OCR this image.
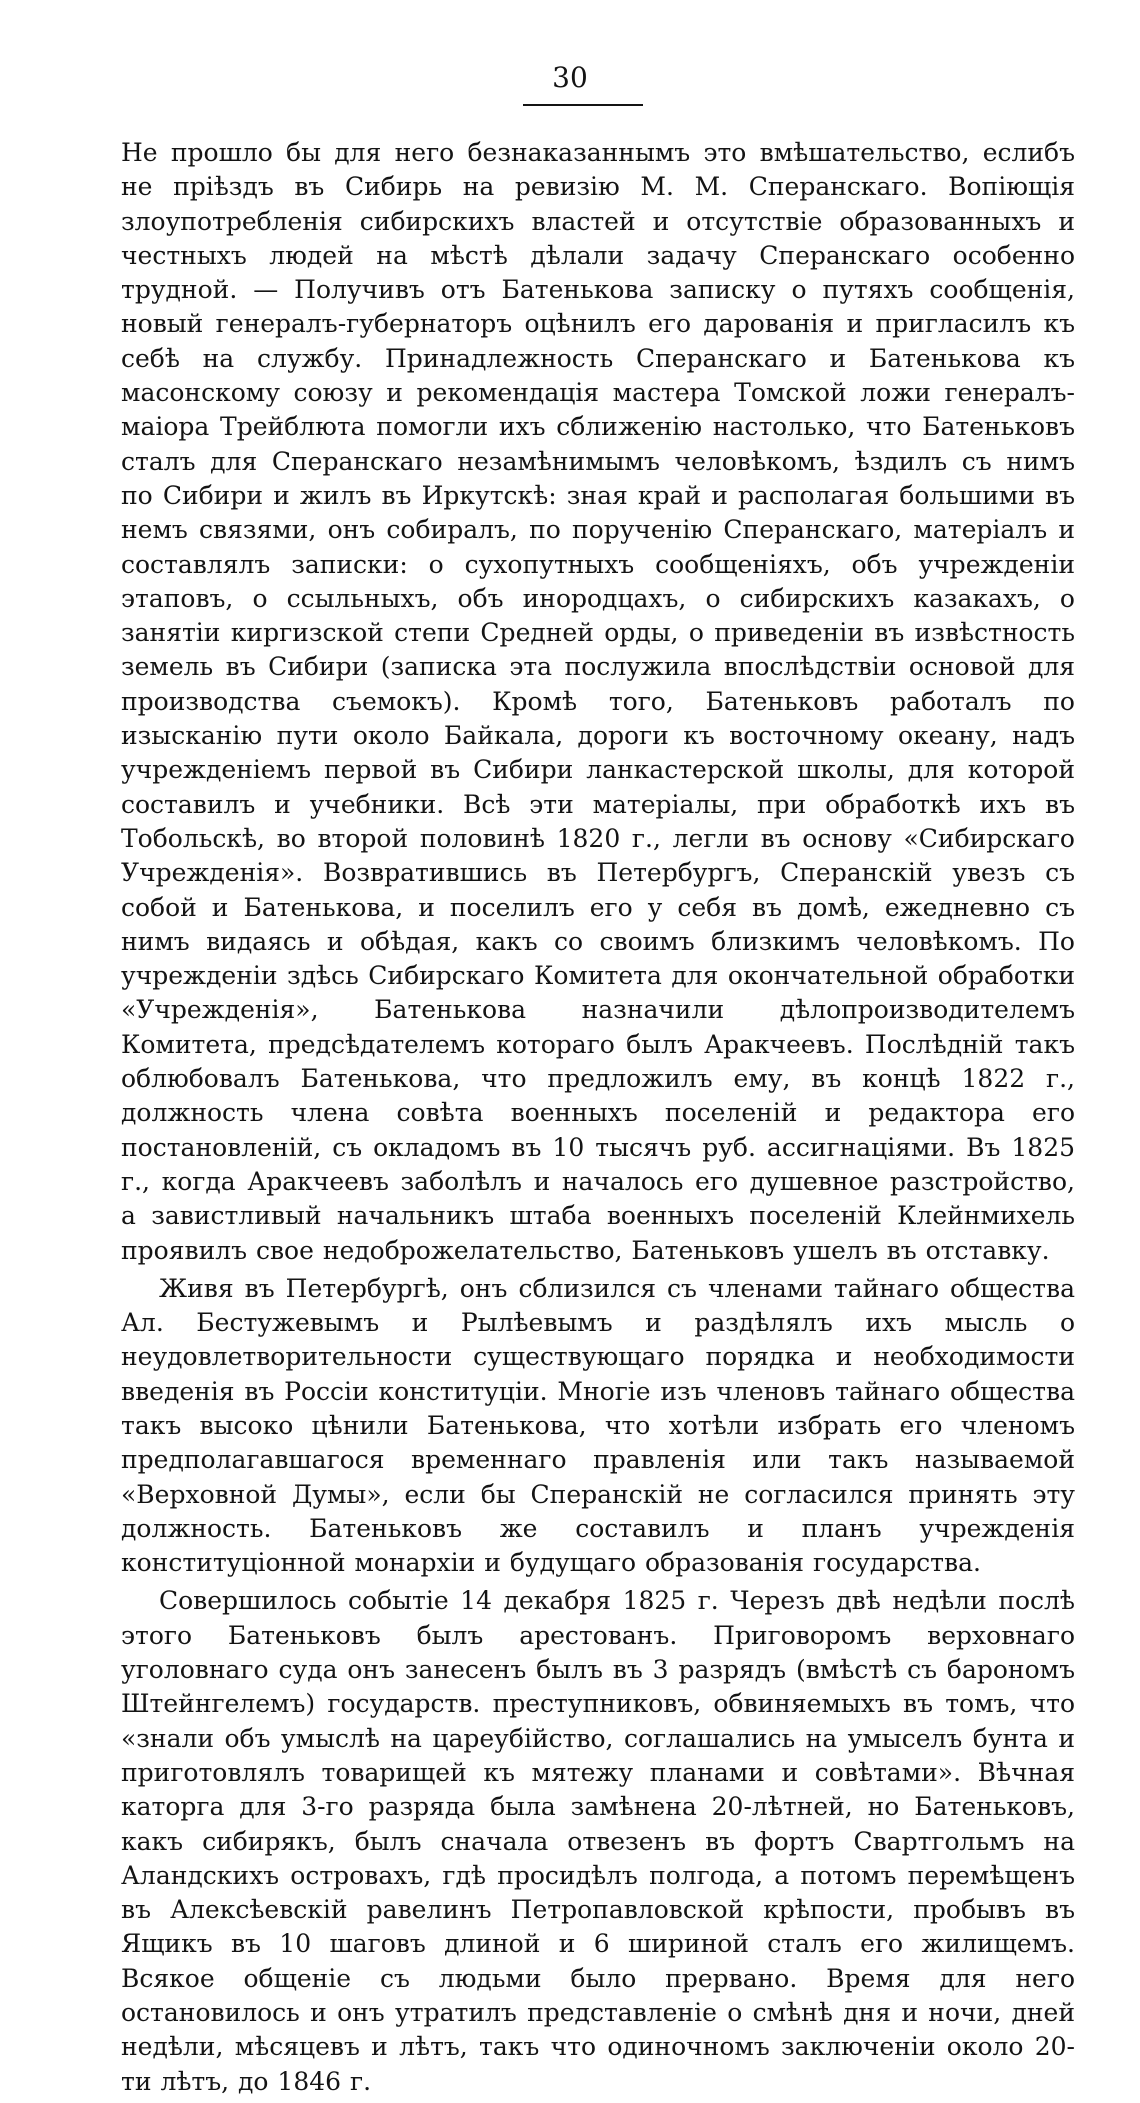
30

Не прошло бы для него безнаказаннымъ это вмѣшательство, еслибъ не пріѣздъ въ Сибирь на ревизію М. М. Сперанскаго. Вопіющія злоупотребленія сибирскихъ властей и отсутствіе образованныхъ и честныхъ людей на мѣстѣ дѣлали задачу Сперанскаго особенно трудной. — Получивъ отъ Батенькова записку о путяхъ сообщенія, новый генералъ-губернаторъ оцѣнилъ его дарованія и пригласилъ къ себѣ на службу. Принадлежность Сперанскаго и Батенькова къ масонскому союзу и рекомендація мастера Томской ложи генералъ-маіора Трейблюта помогли ихъ сближенію настолько, что Батеньковъ сталъ для Сперанскаго незамѣнимымъ человѣкомъ, ѣздилъ съ нимъ по Сибири и жилъ въ Иркутскѣ: зная край и располагая большими въ немъ связями, онъ собиралъ, по порученію Сперанскаго, матеріалъ и составлялъ записки: о сухопутныхъ сообщеніяхъ, объ учрежденіи этаповъ, о ссыльныхъ, объ инородцахъ, о сибирскихъ казакахъ, о занятіи киргизской степи Средней орды, о приведеніи въ извѣстность земель въ Сибири (записка эта послужила впослѣдствіи основой для производства съемокъ). Кромѣ того, Батеньковъ работалъ по изысканію пути около Байкала, дороги къ восточному океану, надъ учрежденіемъ первой въ Сибири ланкастерской школы, для которой составилъ и учебники. Всѣ эти матеріалы, при обработкѣ ихъ въ Тобольскѣ, во второй половинѣ 1820 г., легли въ основу «Сибирскаго Учрежденія». Возвратившись въ Петербургъ, Сперанскій увезъ съ собой и Батенькова, и поселилъ его у себя въ домѣ, ежедневно съ нимъ видаясь и обѣдая, какъ со своимъ близкимъ человѣкомъ. По учрежденіи здѣсь Сибирскаго Комитета для окончательной обработки «Учрежденія», Батенькова назначили дѣлопроизводителемъ Комитета, предсѣдателемъ котораго былъ Аракчеевъ. Послѣдній такъ облюбовалъ Батенькова, что предложилъ ему, въ концѣ 1822 г., должность члена совѣта военныхъ поселеній и редактора его постановленій, съ окладомъ въ 10 тысячъ руб. ассигнаціями. Въ 1825 г., когда Аракчеевъ заболѣлъ и началось его душевное разстройство, а завистливый начальникъ штаба военныхъ поселеній Клейнмихель проявилъ свое недоброжелательство, Батеньковъ ушелъ въ отставку.

Живя въ Петербургѣ, онъ сблизился съ членами тайнаго общества Ал. Бестужевымъ и Рылѣевымъ и раздѣлялъ ихъ мысль о неудовлетворительности существующаго порядка и необходимости введенія въ Россіи конституціи. Многіе изъ членовъ тайнаго общества такъ высоко цѣнили Батенькова, что хотѣли избрать его членомъ предполагавшагося временнаго правленія или такъ называемой «Верховной Думы», если бы Сперанскій не согласился принять эту должность. Батеньковъ же составилъ и планъ учрежденія конституціонной монархіи и будущаго образованія государства.

Совершилось событіе 14 декабря 1825 г. Черезъ двѣ недѣли послѣ этого Батеньковъ былъ арестованъ. Приговоромъ верховнаго уголовнаго суда онъ занесенъ былъ въ 3 разрядъ (вмѣстѣ съ барономъ Штейнгелемъ) государств. преступниковъ, обвиняемыхъ въ томъ, что «знали объ умыслѣ на цареубійство, соглашались на умыселъ бунта и приготовлялъ товарищей къ мятежу планами и совѣтами». Вѣчная каторга для 3-го разряда была замѣнена 20-лѣтней, но Батеньковъ, какъ сибирякъ, былъ сначала отвезенъ въ фортъ Свартгольмъ на Аландскихъ островахъ, гдѣ просидѣлъ полгода, а потомъ перемѣщенъ въ Алексѣевскій равелинъ Петропавловской крѣпости, пробывъ въ Ящикъ въ 10 шаговъ длиной и 6 шириной сталъ его жилищемъ. Всякое общеніе съ людьми было прервано. Время для него остановилось и онъ утратилъ представленіе о смѣнѣ дня и ночи, дней недѣли, мѣсяцевъ и лѣтъ, такъ что одиночномъ заключеніи около 20-ти лѣтъ, до 1846 г.
